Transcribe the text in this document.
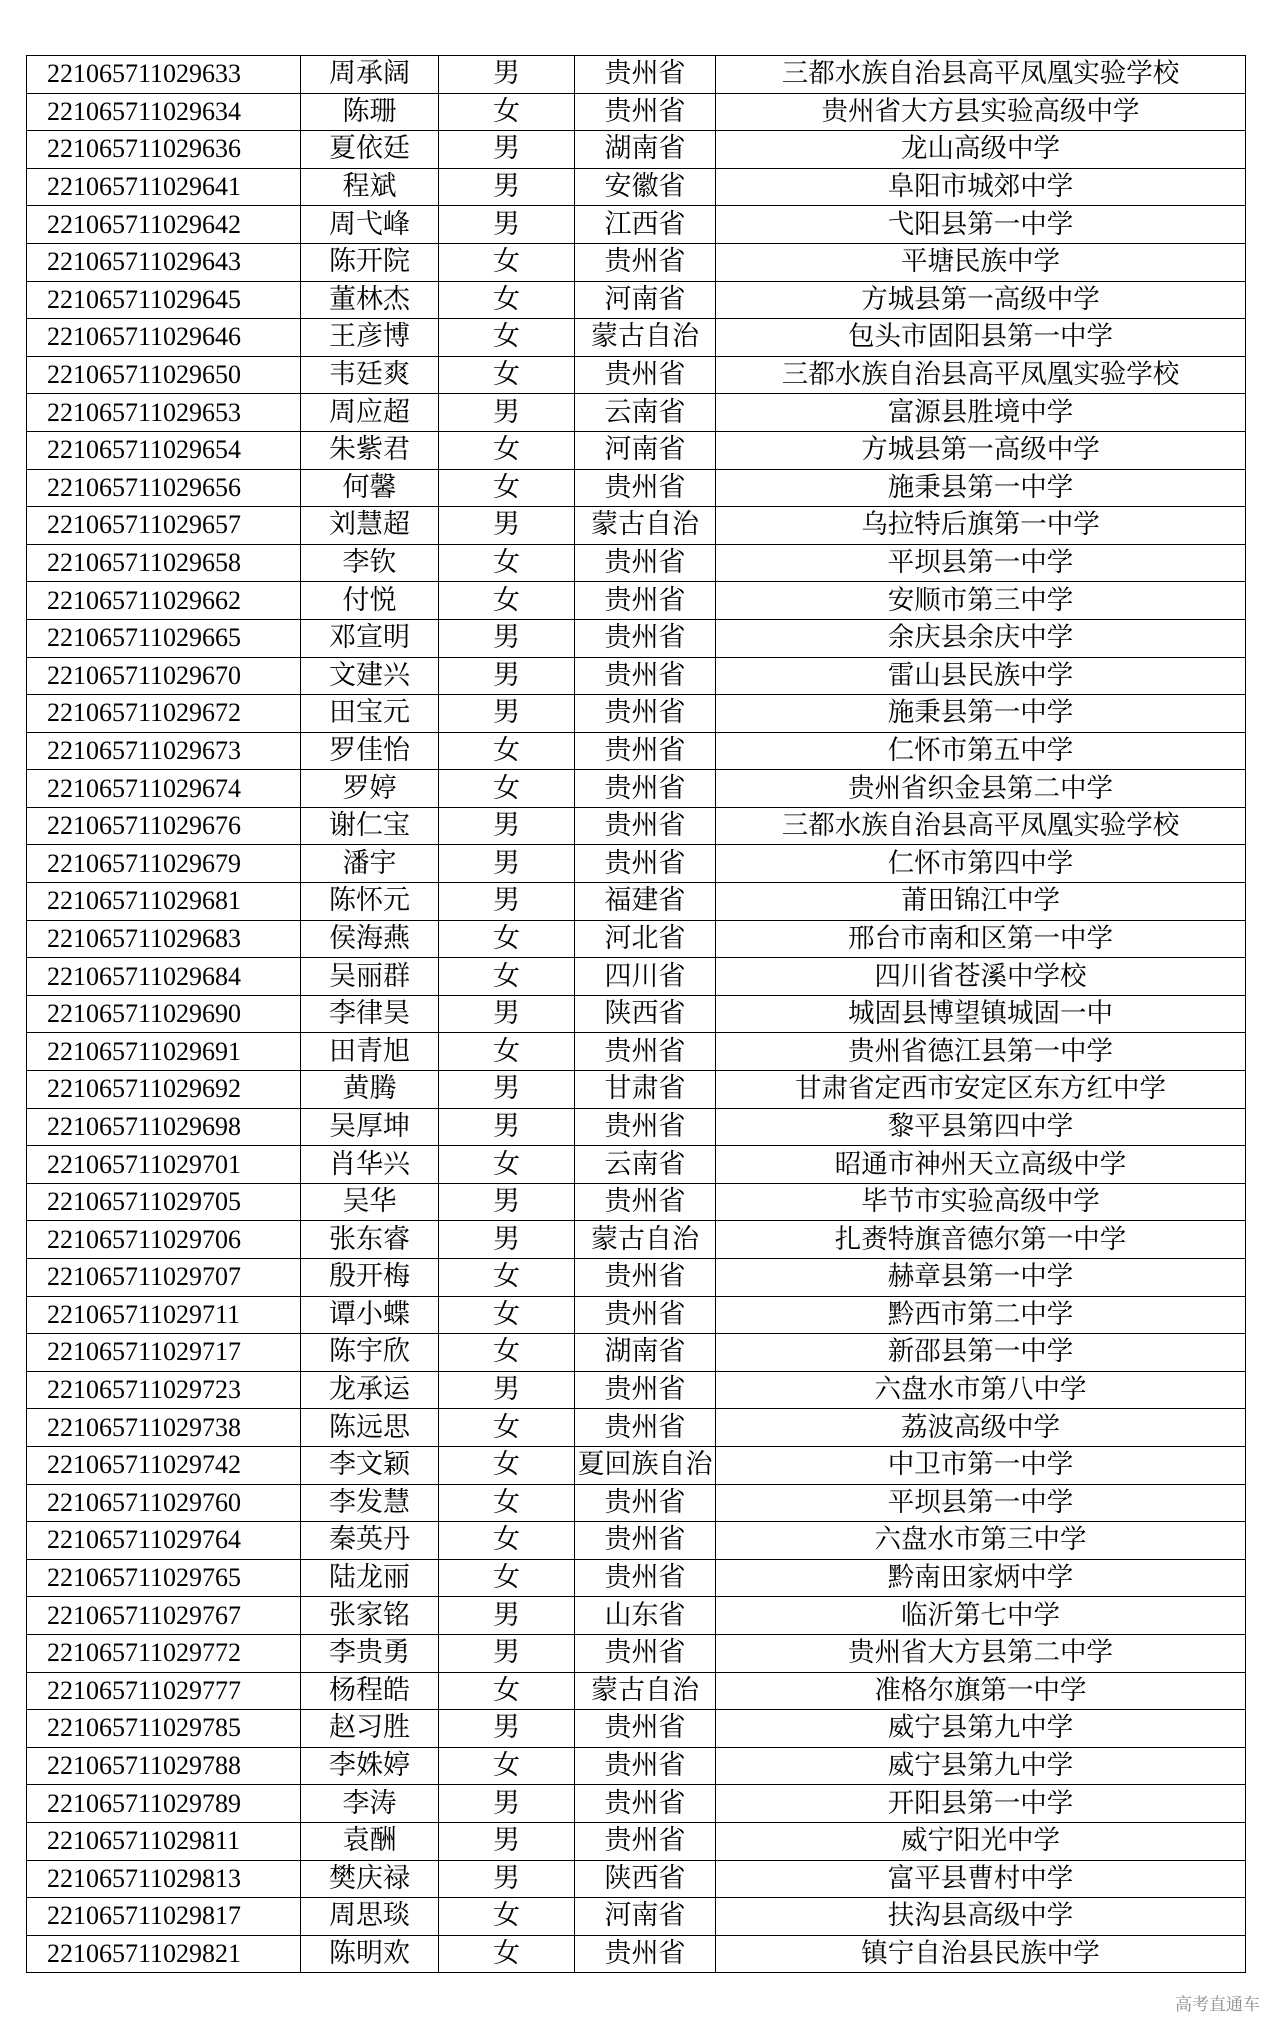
221065711029633	周承阔	男	贵州省	三都水族自治县高平凤凰实验学校
221065711029634	陈珊	女	贵州省	贵州省大方县实验高级中学
221065711029636	夏依廷	男	湖南省	龙山高级中学
221065711029641	程斌	男	安徽省	阜阳市城郊中学
221065711029642	周弋峰	男	江西省	弋阳县第一中学
221065711029643	陈开院	女	贵州省	平塘民族中学
221065711029645	董林杰	女	河南省	方城县第一高级中学
221065711029646	王彦博	女	蒙古自治	包头市固阳县第一中学
221065711029650	韦廷爽	女	贵州省	三都水族自治县高平凤凰实验学校
221065711029653	周应超	男	云南省	富源县胜境中学
221065711029654	朱紫君	女	河南省	方城县第一高级中学
221065711029656	何馨	女	贵州省	施秉县第一中学
221065711029657	刘慧超	男	蒙古自治	乌拉特后旗第一中学
221065711029658	李钦	女	贵州省	平坝县第一中学
221065711029662	付悦	女	贵州省	安顺市第三中学
221065711029665	邓宣明	男	贵州省	余庆县余庆中学
221065711029670	文建兴	男	贵州省	雷山县民族中学
221065711029672	田宝元	男	贵州省	施秉县第一中学
221065711029673	罗佳怡	女	贵州省	仁怀市第五中学
221065711029674	罗婷	女	贵州省	贵州省织金县第二中学
221065711029676	谢仁宝	男	贵州省	三都水族自治县高平凤凰实验学校
221065711029679	潘宇	男	贵州省	仁怀市第四中学
221065711029681	陈怀元	男	福建省	莆田锦江中学
221065711029683	侯海燕	女	河北省	邢台市南和区第一中学
221065711029684	吴丽群	女	四川省	四川省苍溪中学校
221065711029690	李律昊	男	陕西省	城固县博望镇城固一中
221065711029691	田青旭	女	贵州省	贵州省德江县第一中学
221065711029692	黄腾	男	甘肃省	甘肃省定西市安定区东方红中学
221065711029698	吴厚坤	男	贵州省	黎平县第四中学
221065711029701	肖华兴	女	云南省	昭通市神州天立高级中学
221065711029705	吴华	男	贵州省	毕节市实验高级中学
221065711029706	张东睿	男	蒙古自治	扎赉特旗音德尔第一中学
221065711029707	殷开梅	女	贵州省	赫章县第一中学
221065711029711	谭小蝶	女	贵州省	黔西市第二中学
221065711029717	陈宇欣	女	湖南省	新邵县第一中学
221065711029723	龙承运	男	贵州省	六盘水市第八中学
221065711029738	陈远思	女	贵州省	荔波高级中学
221065711029742	李文颖	女	夏回族自治	中卫市第一中学
221065711029760	李发慧	女	贵州省	平坝县第一中学
221065711029764	秦英丹	女	贵州省	六盘水市第三中学
221065711029765	陆龙丽	女	贵州省	黔南田家炳中学
221065711029767	张家铭	男	山东省	临沂第七中学
221065711029772	李贵勇	男	贵州省	贵州省大方县第二中学
221065711029777	杨程皓	女	蒙古自治	准格尔旗第一中学
221065711029785	赵习胜	男	贵州省	威宁县第九中学
221065711029788	李姝婷	女	贵州省	威宁县第九中学
221065711029789	李涛	男	贵州省	开阳县第一中学
221065711029811	袁酬	男	贵州省	威宁阳光中学
221065711029813	樊庆禄	男	陕西省	富平县曹村中学
221065711029817	周思琰	女	河南省	扶沟县高级中学
221065711029821	陈明欢	女	贵州省	镇宁自治县民族中学
高考直通车
